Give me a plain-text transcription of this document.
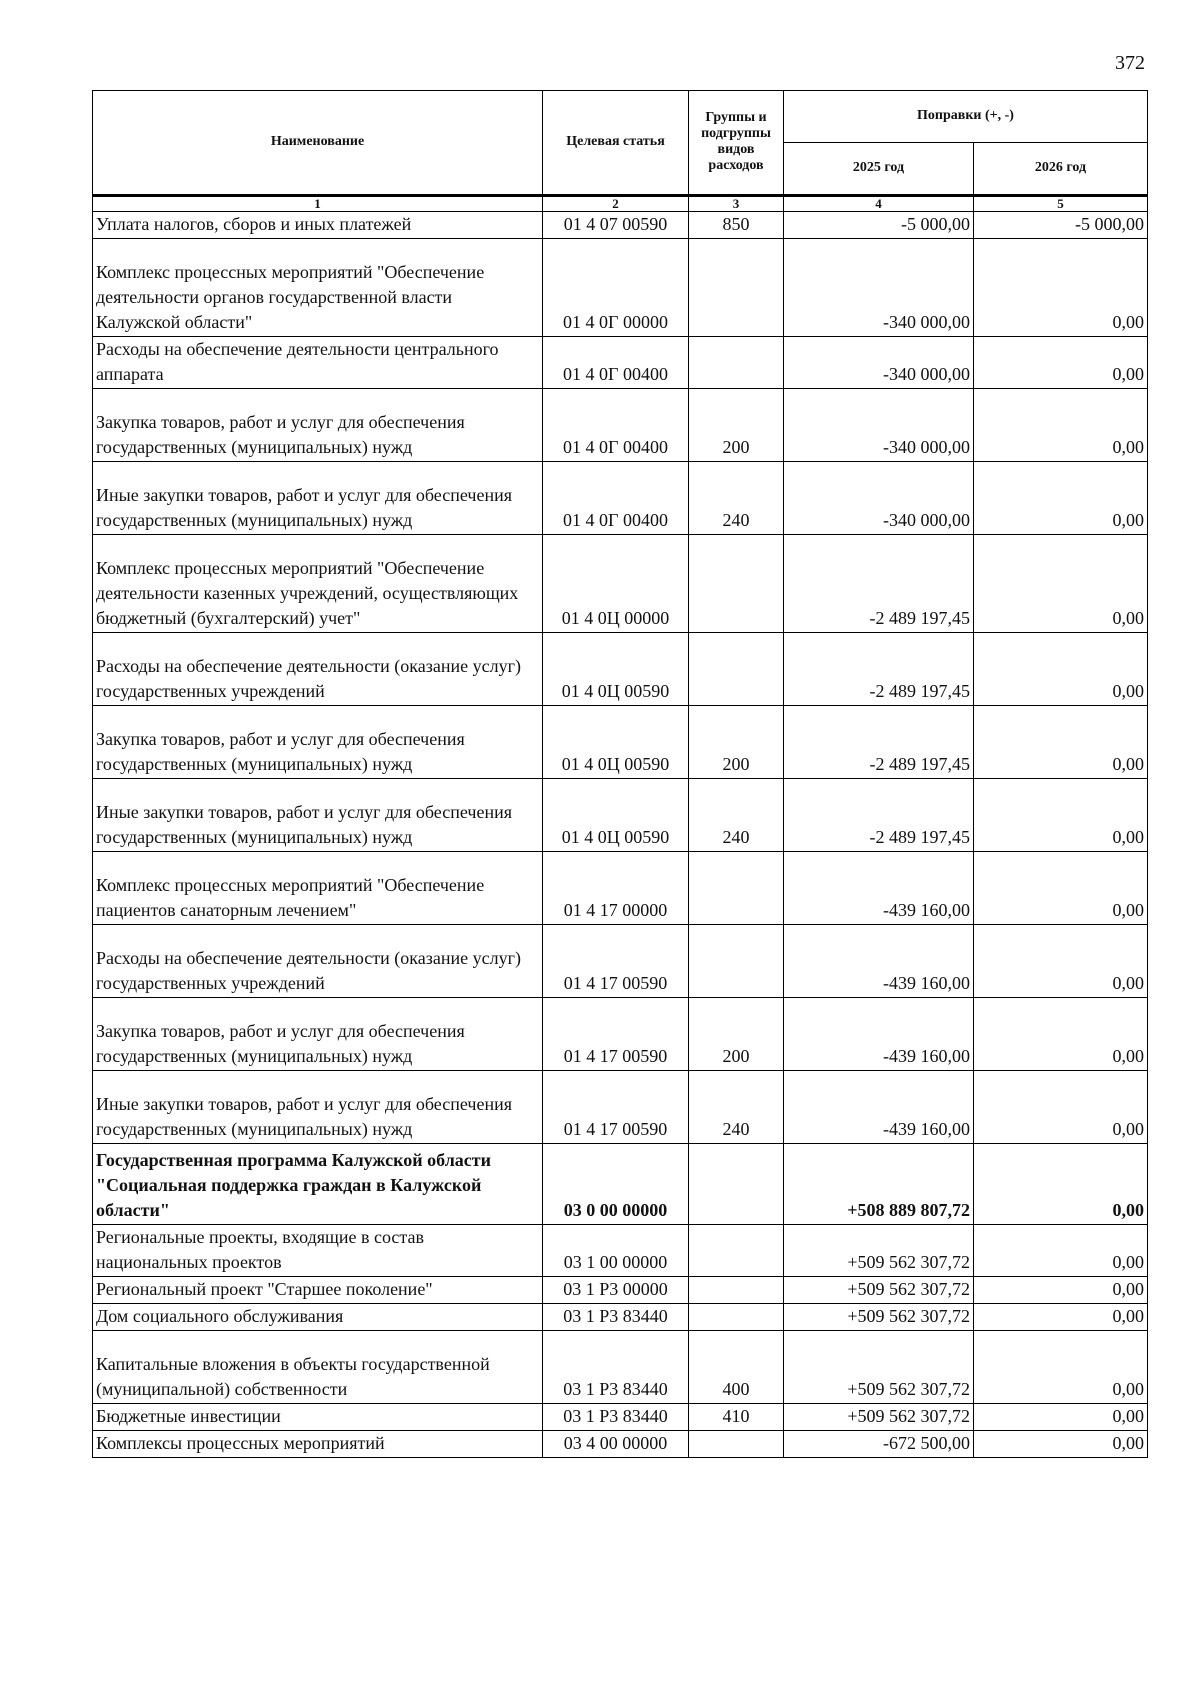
372
Наименование	Целевая статья	Группы и подгруппы видов расходов	Поправки (+, -)	
			2025 год	2026 год
1	2	3	4	5
Уплата налогов, сборов и иных платежей	01 4 07 00590	850	-5 000,00	-5 000,00
Комплекс процессных мероприятий "Обеспечение деятельности органов государственной власти Калужской области"	01 4 0Г 00000		-340 000,00	0,00
Расходы на обеспечение деятельности центрального аппарата	01 4 0Г 00400		-340 000,00	0,00
Закупка товаров, работ и услуг для обеспечения государственных (муниципальных) нужд	01 4 0Г 00400	200	-340 000,00	0,00
Иные закупки товаров, работ и услуг для обеспечения государственных (муниципальных) нужд	01 4 0Г 00400	240	-340 000,00	0,00
Комплекс процессных мероприятий "Обеспечение деятельности казенных учреждений, осуществляющих бюджетный (бухгалтерский) учет"	01 4 0Ц 00000		-2 489 197,45	0,00
Расходы на обеспечение деятельности (оказание услуг) государственных учреждений	01 4 0Ц 00590		-2 489 197,45	0,00
Закупка товаров, работ и услуг для обеспечения государственных (муниципальных) нужд	01 4 0Ц 00590	200	-2 489 197,45	0,00
Иные закупки товаров, работ и услуг для обеспечения государственных (муниципальных) нужд	01 4 0Ц 00590	240	-2 489 197,45	0,00
Комплекс процессных мероприятий "Обеспечение пациентов санаторным лечением"	01 4 17 00000		-439 160,00	0,00
Расходы на обеспечение деятельности (оказание услуг) государственных учреждений	01 4 17 00590		-439 160,00	0,00
Закупка товаров, работ и услуг для обеспечения государственных (муниципальных) нужд	01 4 17 00590	200	-439 160,00	0,00
Иные закупки товаров, работ и услуг для обеспечения государственных (муниципальных) нужд	01 4 17 00590	240	-439 160,00	0,00
Государственная программа Калужской области "Социальная поддержка граждан в Калужской области"	03 0 00 00000		+508 889 807,72	0,00
Региональные проекты, входящие в состав национальных проектов	03 1 00 00000		+509 562 307,72	0,00
Региональный проект "Старшее поколение"	03 1 Р3 00000		+509 562 307,72	0,00
Дом социального обслуживания	03 1 Р3 83440		+509 562 307,72	0,00
Капитальные вложения в объекты государственной (муниципальной) собственности	03 1 Р3 83440	400	+509 562 307,72	0,00
Бюджетные инвестиции	03 1 Р3 83440	410	+509 562 307,72	0,00
Комплексы процессных мероприятий	03 4 00 00000		-672 500,00	0,00
